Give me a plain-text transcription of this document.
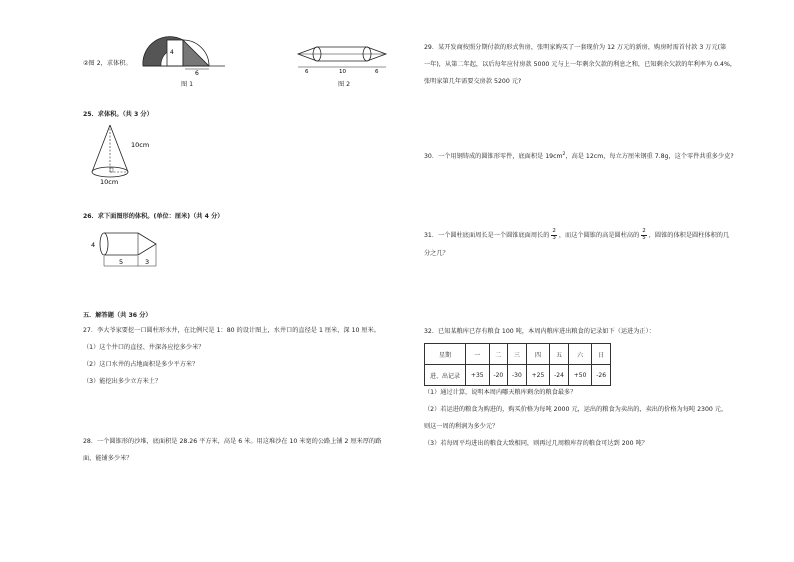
②图 2，求体积。
4
6
图 1
6	10	6
图 2
25．求体积。（共 3 分）
10cm
10cm
26．求下面图形的体积。(单位：厘米)（共 4 分）
4
5	3
五．解答题（共 36 分）
27．李大爷家要挖一口圆柱形水井，在比例尺是 1：80 的设计图上，水井口的直径是 1 厘米，深 10 厘米。
（1）这个井口的直径、井深各应挖多少米？
（2）这口水井的占地面积是多少平方米？
（3）能挖出多少立方米土？
28．一个圆锥形的沙堆，底面积是 28.26 平方米，高是 6 米。用这堆沙在 10 米宽的公路上铺 2 厘米厚的路
面，能铺多少米？
29．某开发商按照分期付款的形式售房，张明家购买了一套现价为 12 万元的新房，购房时需首付款 3 万元(第
一年)，从第二年起，以后每年应付房款 5000 元与上一年剩余欠款的利息之和，已知剩余欠款的年利率为 0.4%，
张明家第几年需要交房款 5200 元?
30．一个用钢铸成的圆锥形零件，底面积是 $19cm^2$，高是 12cm，每立方厘米钢重 7.8g，这个零件共重多少克?
31．一个圆柱底面周长是一个圆锥底面周长的 $\frac{2}{3}$ ，而这个圆锥的高是圆柱高的 $\frac{2}{5}$ ，圆锥的体积是圆柱体积的几
分之几？
32．已知某粮库已存有粮食 100 吨，本周内粮库进出粮食的记录如下（运进为正）：
星期	一	二	三	四	五	六	日
进、出记录	+35	-20	-30	+25	-24	+50	-26
（1）通过计算，说明本周内哪天粮库剩余的粮食最多？
（2）若运进的粮食为购进的，购买价格为每吨 2000 元，运出的粮食为卖出的，卖出的价格为每吨 2300 元，
则这一周的利润为多少元？
（3）若每周平均进出的粮食大致相同，则再过几周粮库存的粮食可达到 200 吨？
